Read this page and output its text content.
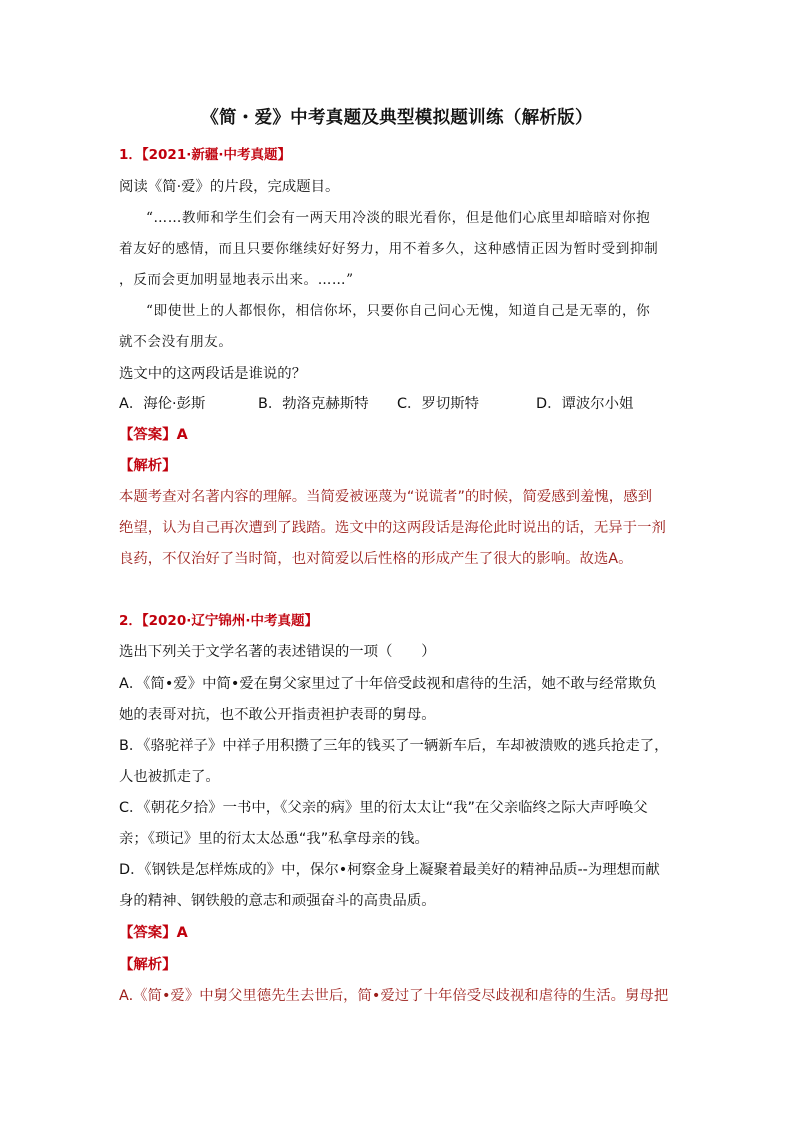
《简・爱》中考真题及典型模拟题训练（解析版）
1．【2021·新疆·中考真题】
阅读《简·爱》的片段，完成题目。
“……教师和学生们会有一两天用冷淡的眼光看你，但是他们心底里却暗暗对你抱
着友好的感情，而且只要你继续好好努力，用不着多久，这种感情正因为暂时受到抑制
，反而会更加明显地表示出来。……”
“即使世上的人都恨你，相信你坏，只要你自己问心无愧，知道自己是无辜的，你
就不会没有朋友。
选文中的这两段话是谁说的？
A．海伦·彭斯	B．勃洛克赫斯特 C．罗切斯特	D．谭波尔小姐
【答案】A
【解析】
本题考查对名著内容的理解。当简爱被诬蔑为“说谎者”的时候，简爱感到羞愧，感到
绝望，认为自己再次遭到了践踏。选文中的这两段话是海伦此时说出的话，无异于一剂
良药，不仅治好了当时简，也对简爱以后性格的形成产生了很大的影响。故选A。
2．【2020·辽宁锦州·中考真题】
选出下列关于文学名著的表述错误的一项（　　）
A．《简•爱》中简•爱在舅父家里过了十年倍受歧视和虐待的生活，她不敢与经常欺负
她的表哥对抗，也不敢公开指责袒护表哥的舅母。
B．《骆驼祥子》中祥子用积攒了三年的钱买了一辆新车后，车却被溃败的逃兵抢走了，
人也被抓走了。
C．《朝花夕拾》一书中，《父亲的病》里的衍太太让“我”在父亲临终之际大声呼唤父
亲；《琐记》里的衍太太怂恿“我”私拿母亲的钱。
D．《钢铁是怎样炼成的》中，保尔•柯察金身上凝聚着最美好的精神品质--为理想而献
身的精神、钢铁般的意志和顽强奋斗的高贵品质。
【答案】A
【解析】
A.《简•爱》中舅父里德先生去世后，简•爱过了十年倍受尽歧视和虐待的生活。舅母把
